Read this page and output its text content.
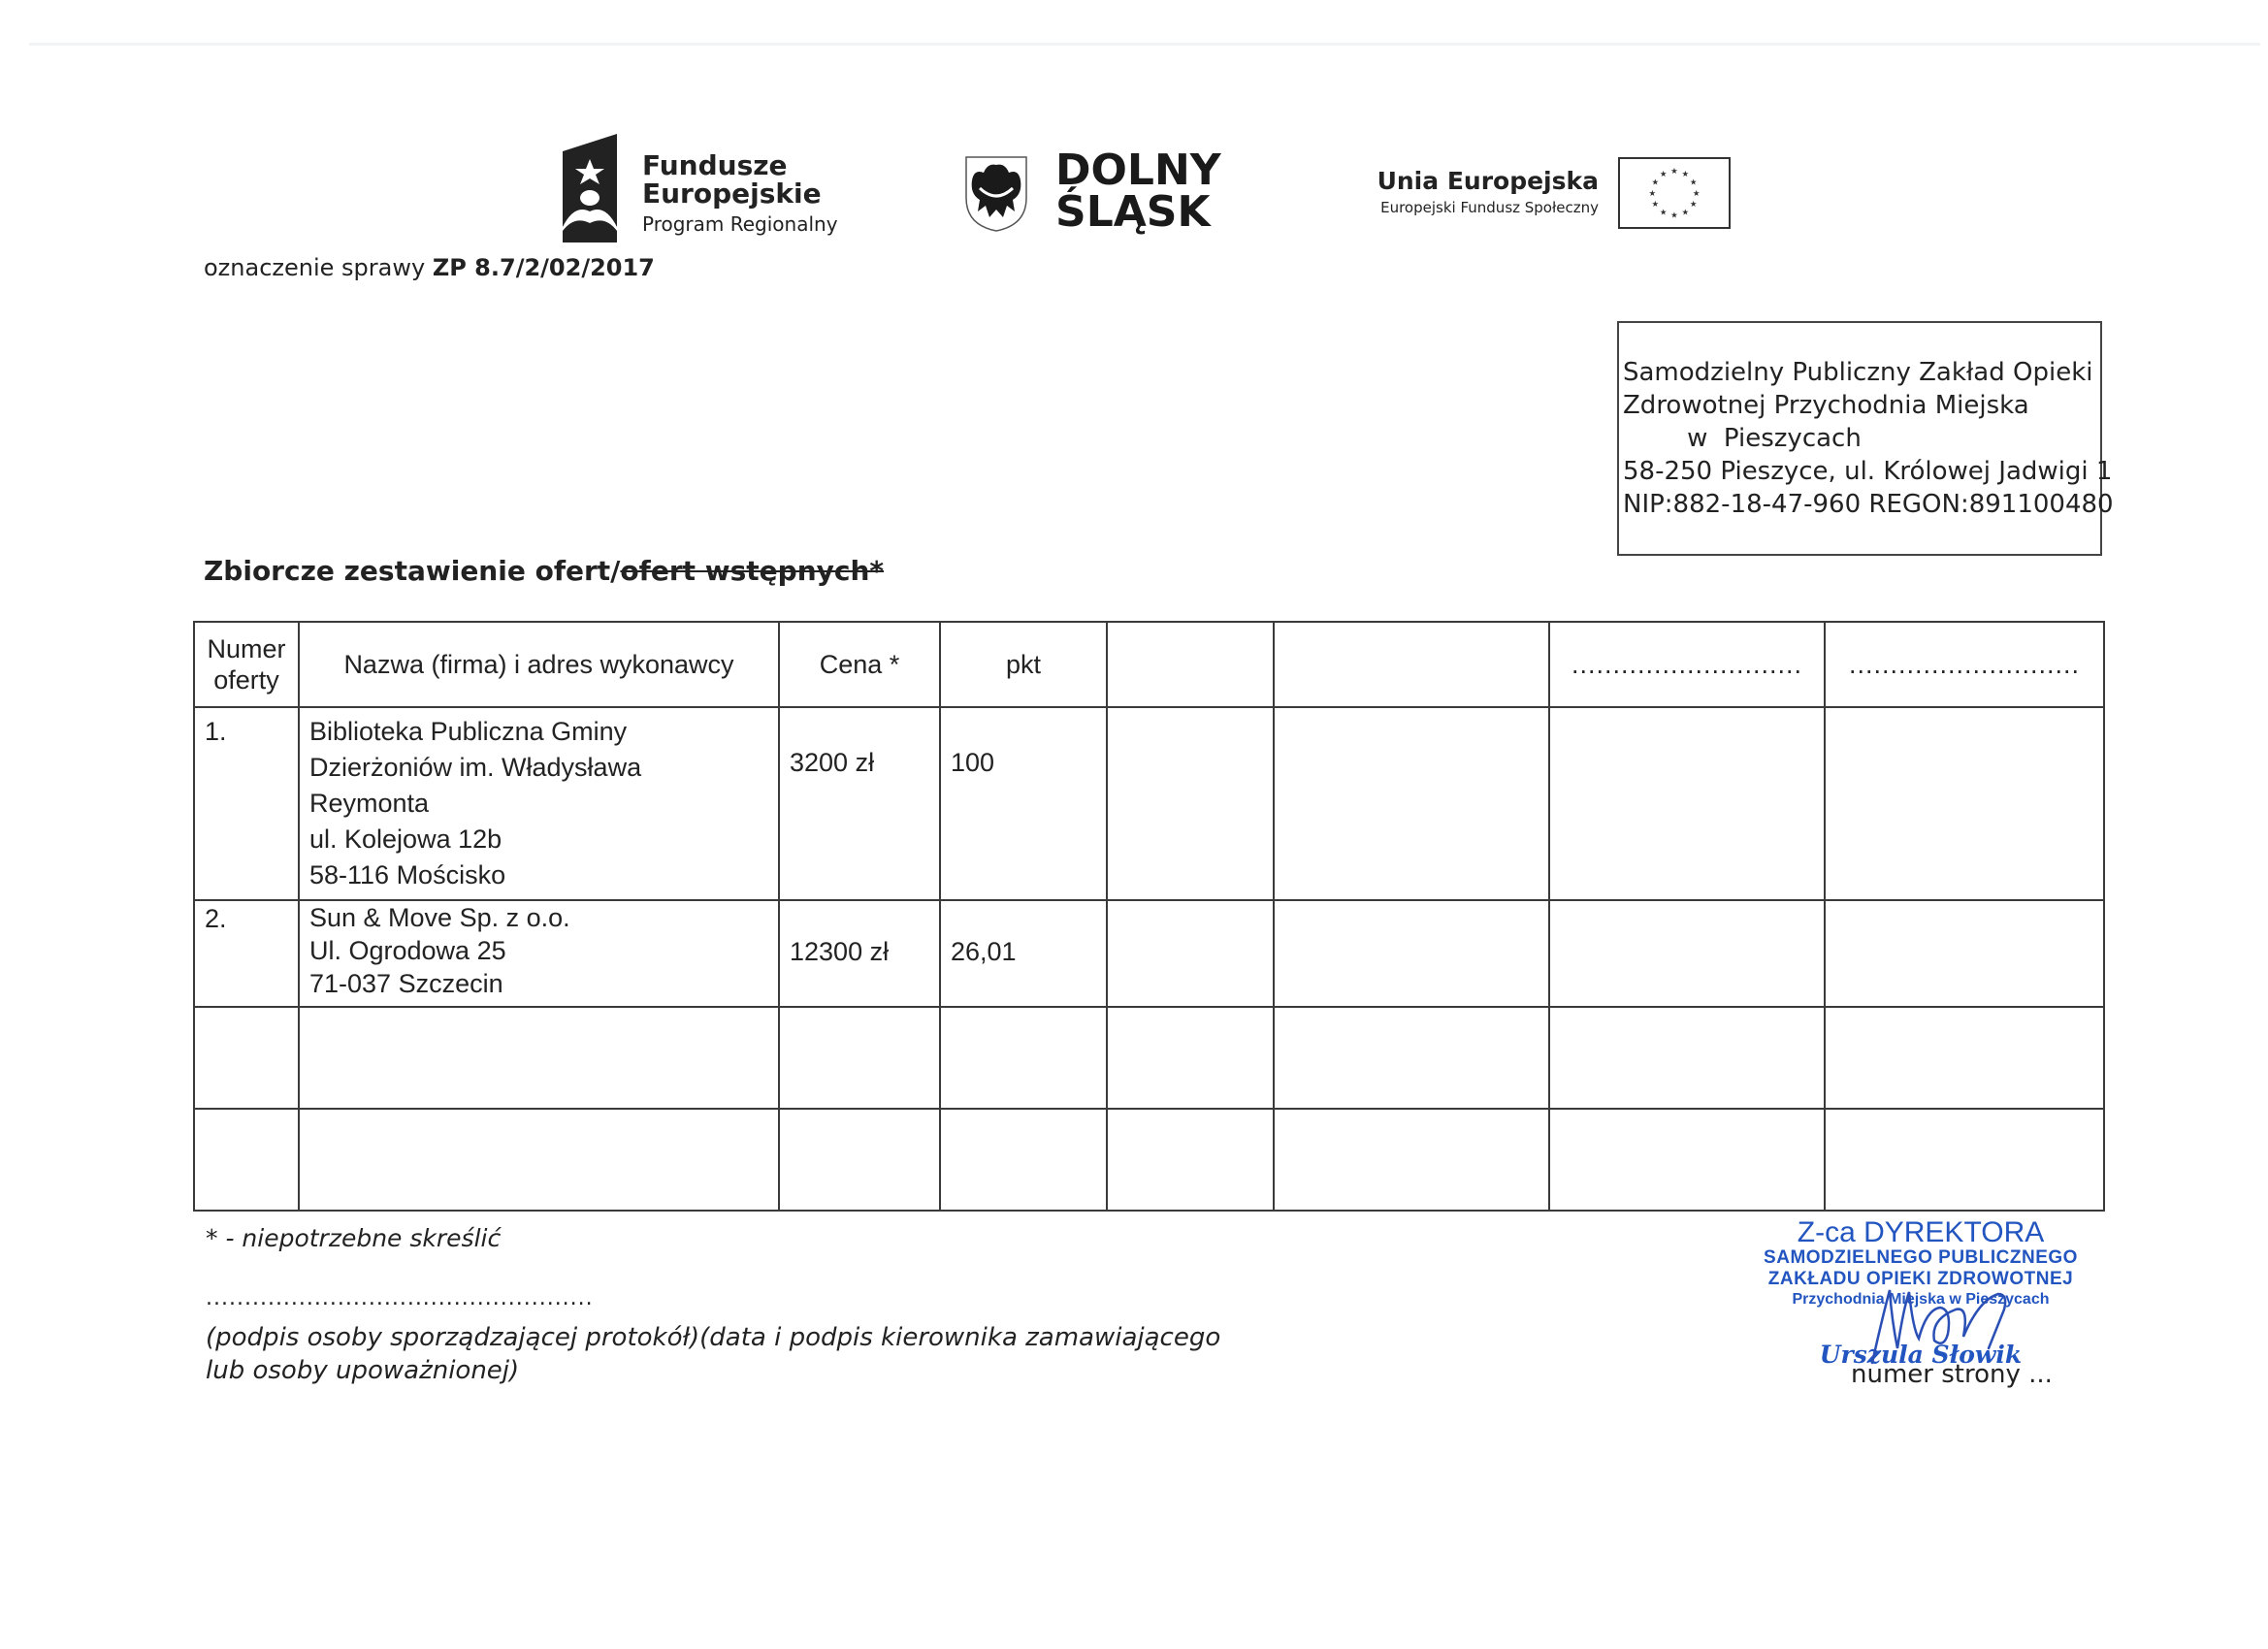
Fundusze
Europejskie
Program Regionalny
DOLNY
ŚLĄSK
Unia Europejska
Europejski Fundusz Społeczny
★ ★
★
★
★
★
★
★
★
★
★
★
oznaczenie sprawy ZP 8.7/2/02/2017
Samodzielny Publiczny Zakład Opieki
Zdrowotnej Przychodnia Miejska
w  Pieszycach
58-250 Pieszyce, ul. Królowej Jadwigi 1
NIP:882-18-47-960 REGON:891100480
Zbiorcze zestawienie ofert/ofert wstępnych*
Numer
oferty	Nazwa (firma) i adres wykonawcy	Cena *	pkt			............................	............................
1.	Biblioteka Publiczna Gminy
Dzierżoniów im. Władysława
Reymonta
ul. Kolejowa 12b
58-116 Mościsko	3200 zł	100				
2.	Sun & Move Sp. z o.o.
Ul. Ogrodowa 25
71-037 Szczecin	12300 zł	26,01				

* - niepotrzebne skreślić
..................................................
(podpis osoby sporządzającej protokół)(data i podpis kierownika zamawiającego
lub osoby upoważnionej)
Z-ca DYREKTORA
SAMODZIELNEGO PUBLICZNEGO
ZAKŁADU OPIEKI ZDROWOTNEJ
Przychodnia Miejska w Pieszycach
Urszula Słowik
numer strony ...
